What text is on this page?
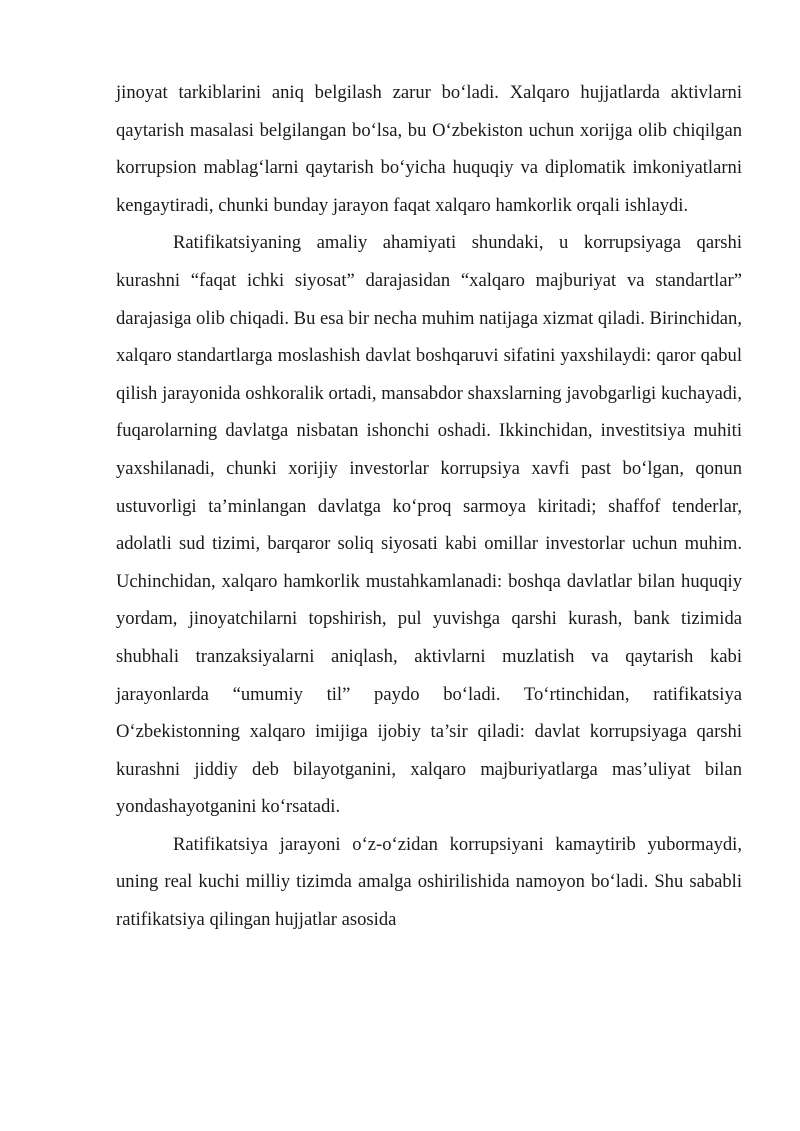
jinoyat tarkiblarini aniq belgilash zarur bo‘ladi. Xalqaro hujjatlarda aktivlarni qaytarish masalasi belgilangan bo‘lsa, bu O‘zbekiston uchun xorijga olib chiqilgan korrupsion mablag‘larni qaytarish bo‘yicha huquqiy va diplomatik imkoniyatlarni kengaytiradi, chunki bunday jarayon faqat xalqaro hamkorlik orqali ishlaydi.

Ratifikatsiyaning amaliy ahamiyati shundaki, u korrupsiyaga qarshi kurashni “faqat ichki siyosat” darajasidan “xalqaro majburiyat va standartlar” darajasiga olib chiqadi. Bu esa bir necha muhim natijaga xizmat qiladi. Birinchidan, xalqaro standartlarga moslashish davlat boshqaruvi sifatini yaxshilaydi: qaror qabul qilish jarayonida oshkoralik ortadi, mansabdor shaxslarning javobgarligi kuchayadi, fuqarolarning davlatga nisbatan ishonchi oshadi. Ikkinchidan, investitsiya muhiti yaxshilanadi, chunki xorijiy investorlar korrupsiya xavfi past bo‘lgan, qonun ustuvorligi ta’minlangan davlatga ko‘proq sarmoya kiritadi; shaffof tenderlar, adolatli sud tizimi, barqaror soliq siyosati kabi omillar investorlar uchun muhim. Uchinchidan, xalqaro hamkorlik mustahkamlanadi: boshqa davlatlar bilan huquqiy yordam, jinoyatchilarni topshirish, pul yuvishga qarshi kurash, bank tizimida shubhali tranzaksiyalarni aniqlash, aktivlarni muzlatish va qaytarish kabi jarayonlarda “umumiy til” paydo bo‘ladi. To‘rtinchidan, ratifikatsiya O‘zbekistonning xalqaro imijiga ijobiy ta’sir qiladi: davlat korrupsiyaga qarshi kurashni jiddiy deb bilayotganini, xalqaro majburiyatlarga mas’uliyat bilan yondashayotganini ko‘rsatadi.

Ratifikatsiya jarayoni o‘z-o‘zidan korrupsiyani kamaytirib yubormaydi, uning real kuchi milliy tizimda amalga oshirilishida namoyon bo‘ladi. Shu sababli ratifikatsiya qilingan hujjatlar asosida
